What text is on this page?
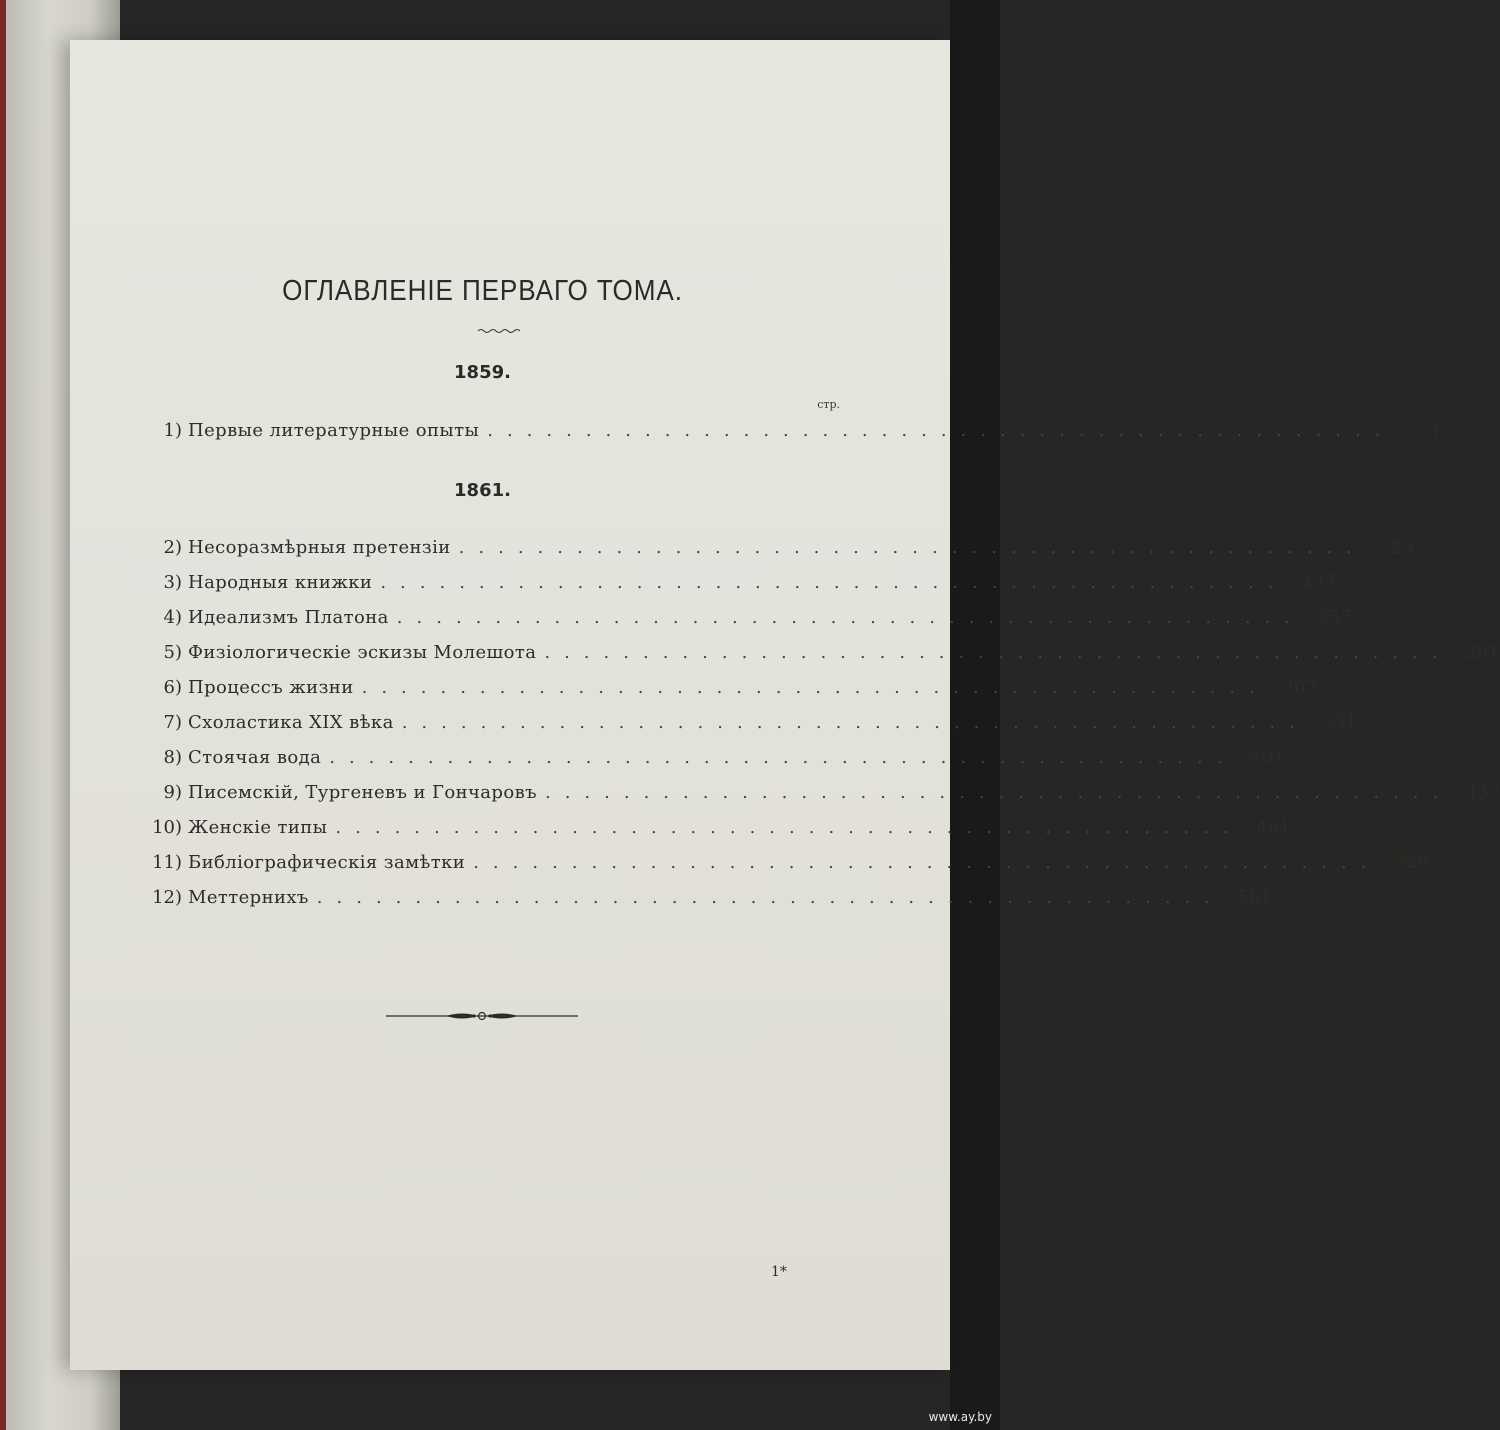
ОГЛАВЛЕНІЕ ПЕРВАГО ТОМА.
1859.
стр.
1) Первые литературные опыты ..............................................	1
1861.
2) Несоразмѣрныя претензіи .............................................. 225
3) Народныя книжки .............................................. 237
4) Идеализмъ Платона .............................................. 257
5) Физіологическіе эскизы Молешота .............................................. 281
6) Процессъ жизни .............................................. 307
7) Схоластика XIX вѣка .............................................. 331
8) Стоячая вода .............................................. 401
9) Писемскій, Тургеневъ и Гончаровъ .............................................. 437
10) Женскіе типы .............................................. 481
11) Библіографическія замѣтки .............................................. 529
12) Меттернихъ .............................................. 561
1*
www.ay.by
